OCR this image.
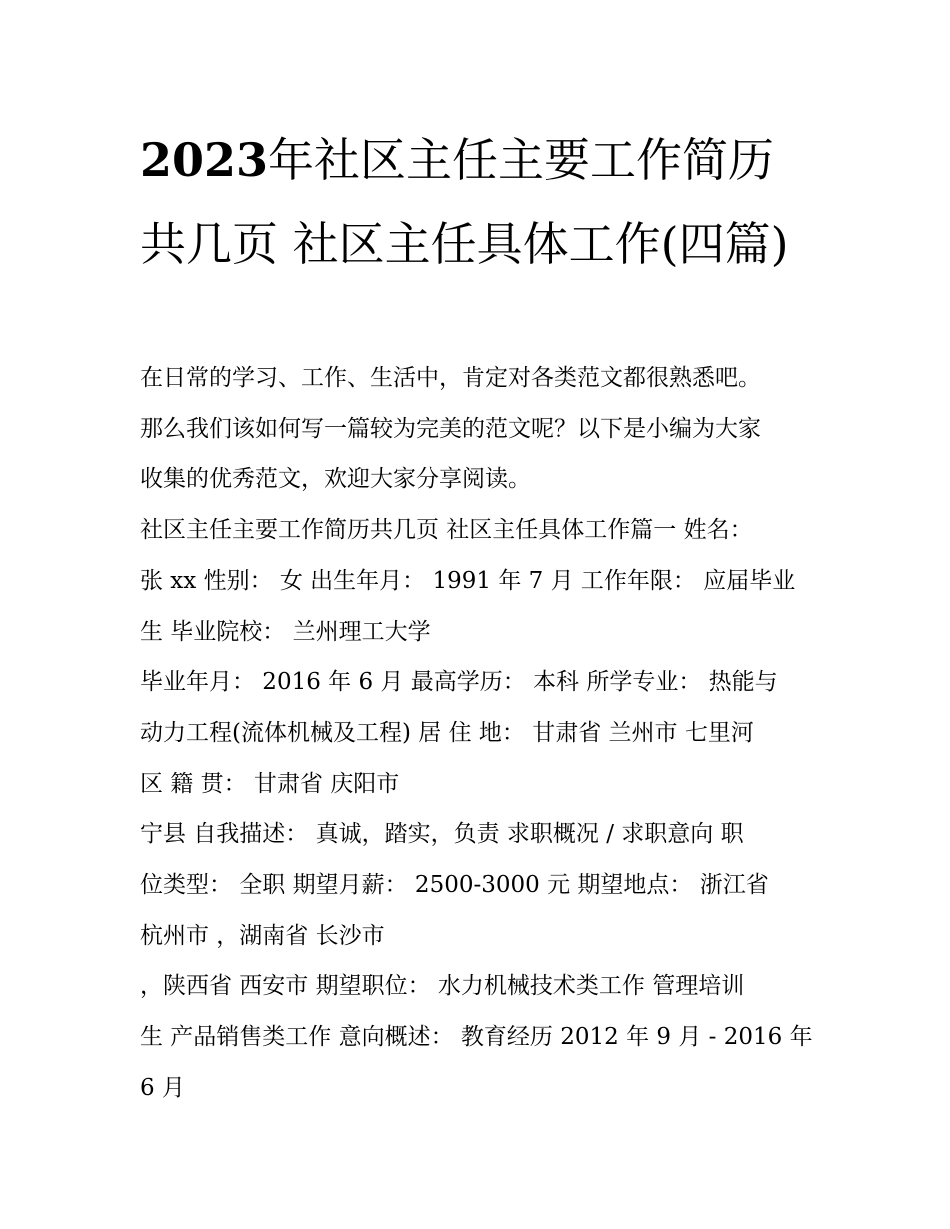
2023年社区主任主要工作简历共几页 社区主任具体工作(四篇)

在日常的学习、工作、生活中，肯定对各类范文都很熟悉吧。
那么我们该如何写一篇较为完美的范文呢？以下是小编为大家
收集的优秀范文，欢迎大家分享阅读。

社区主任主要工作简历共几页 社区主任具体工作篇一 姓名：
张 xx 性别： 女 出生年月： 1991 年 7 月 工作年限： 应届毕业
生 毕业院校： 兰州理工大学

毕业年月： 2016 年 6 月 最高学历： 本科 所学专业： 热能与
动力工程(流体机械及工程) 居 住 地： 甘肃省 兰州市 七里河
区 籍 贯： 甘肃省 庆阳市

宁县 自我描述： 真诚，踏实，负责 求职概况 / 求职意向 职
位类型： 全职 期望月薪： 2500-3000 元 期望地点： 浙江省
杭州市 ，湖南省 长沙市

，陕西省 西安市 期望职位： 水力机械技术类工作 管理培训
生 产品销售类工作 意向概述： 教育经历 2012 年 9 月 - 2016 年
6 月
